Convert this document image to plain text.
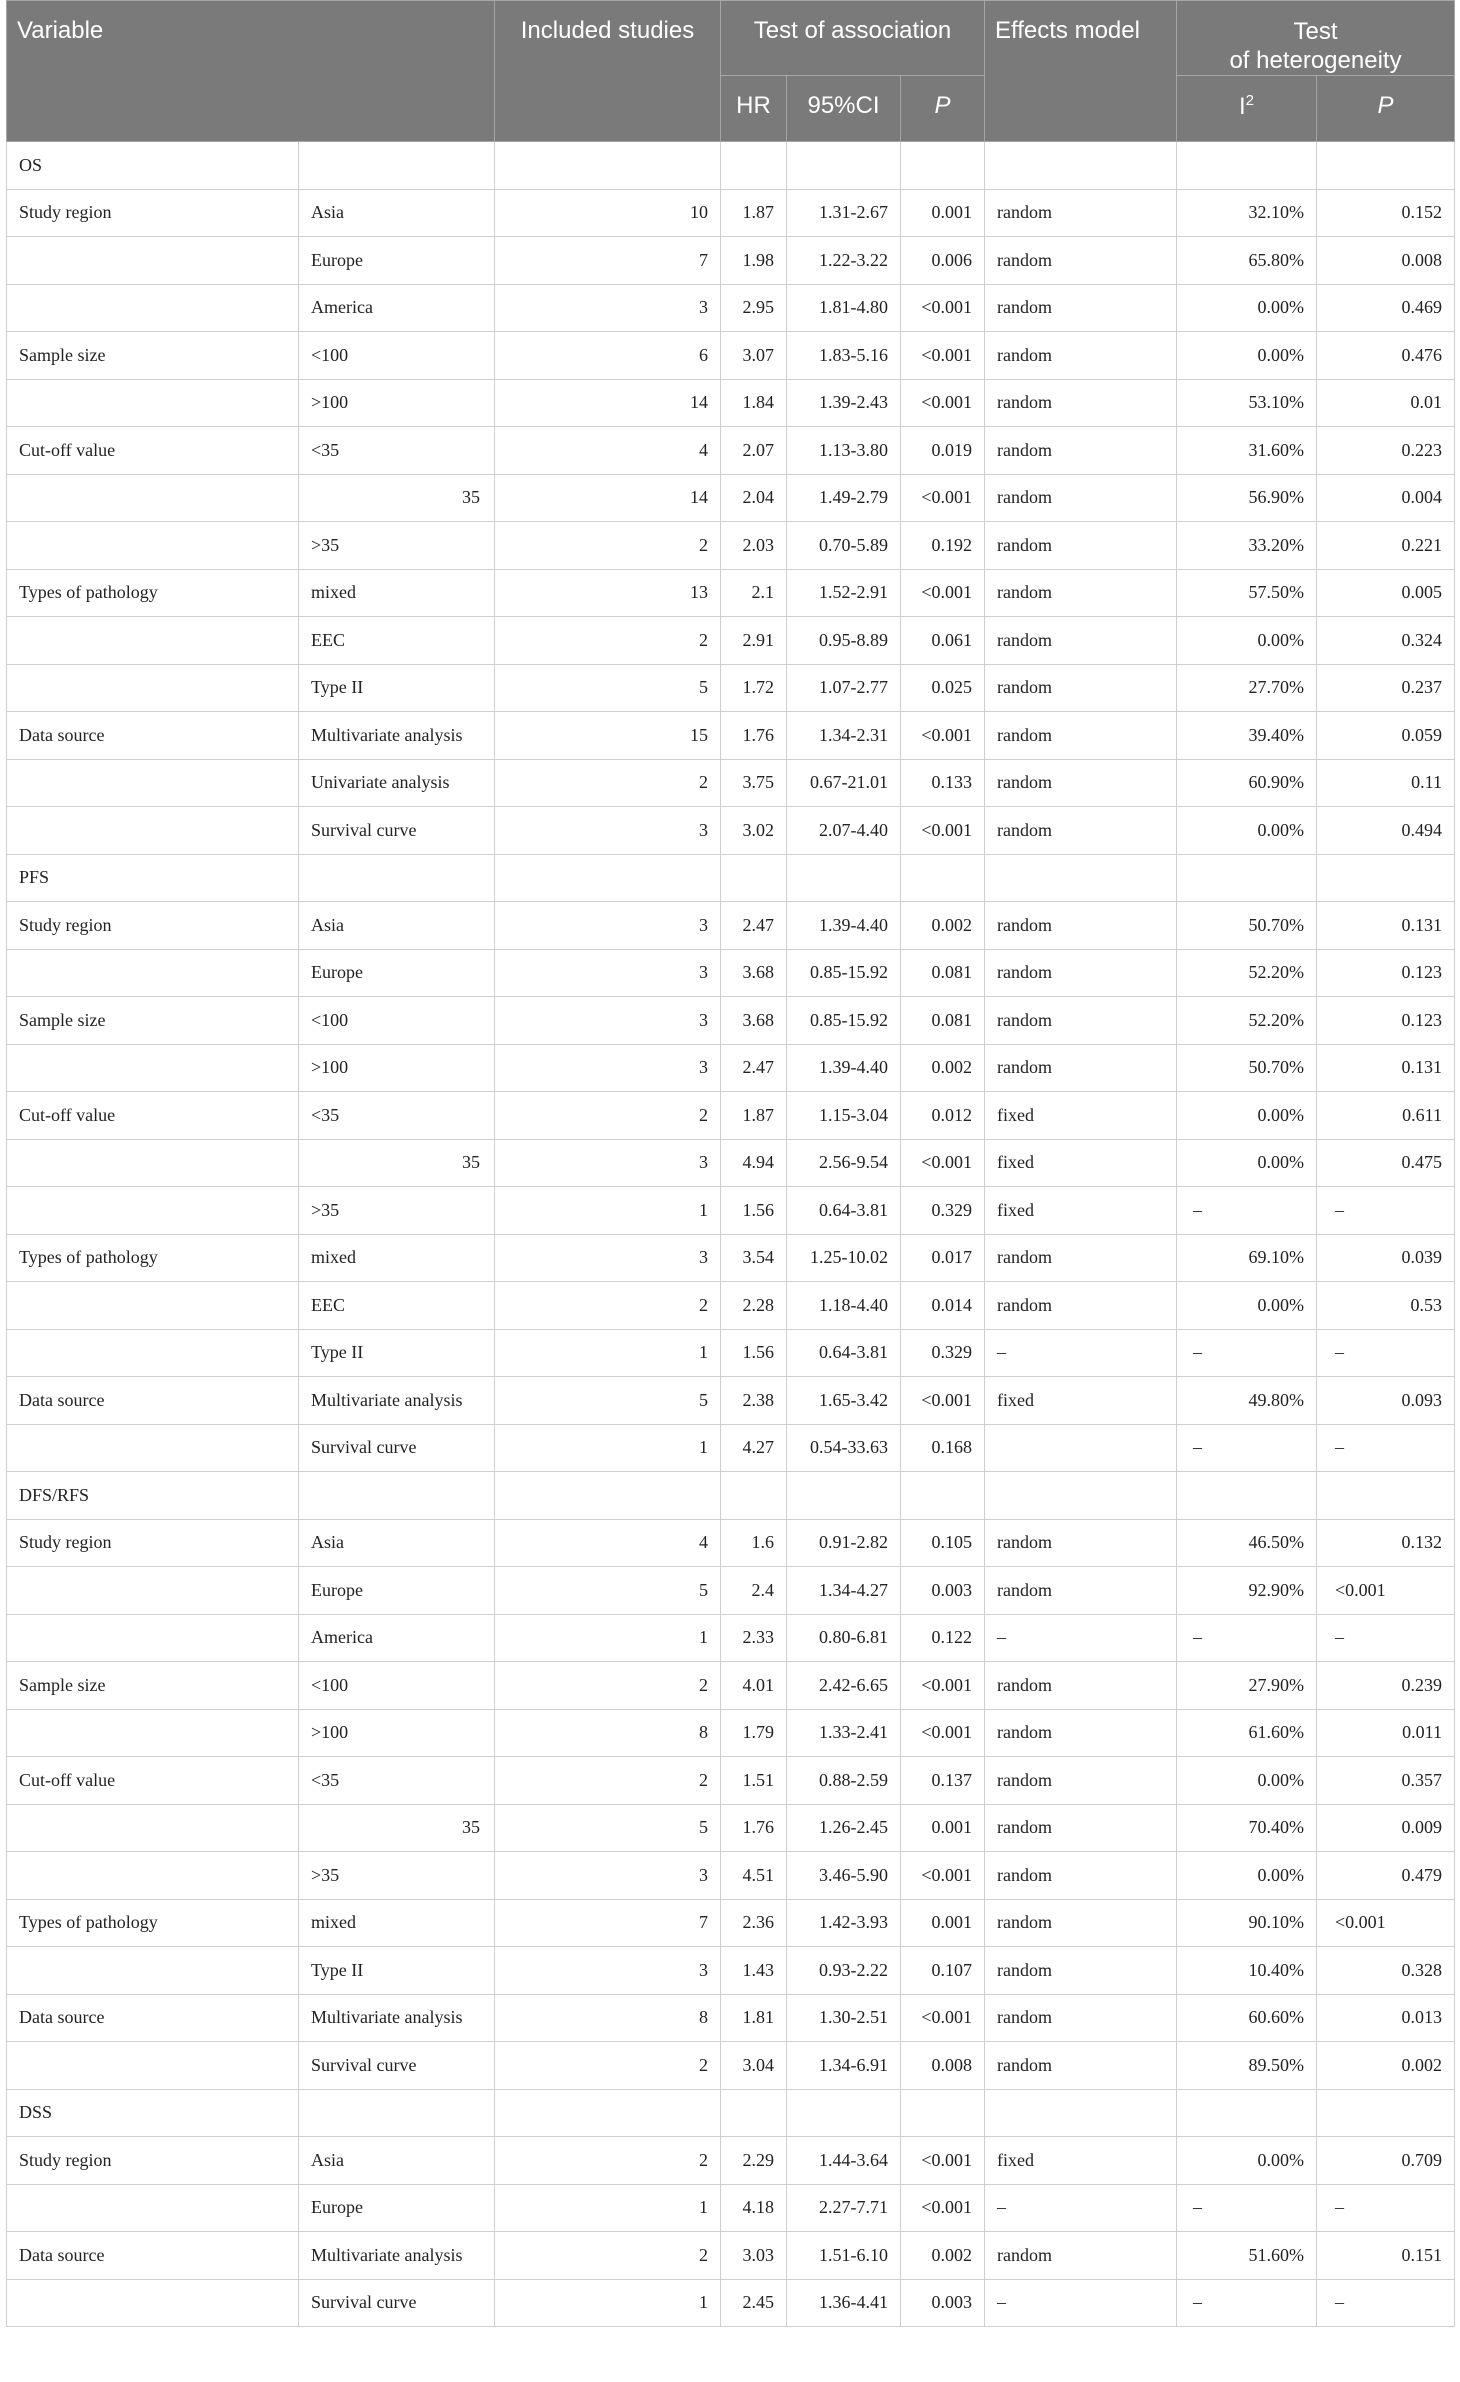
Variable		Included studies	Test of association			Effects model	Test
of heterogeneity	
			HR	95%CI	P		$I^2$	P
OS								
Study region	Asia	10	1.87	1.31-2.67	0.001	random	32.10%	0.152
	Europe	7	1.98	1.22-3.22	0.006	random	65.80%	0.008
	America	3	2.95	1.81-4.80	<0.001	random	0.00%	0.469
Sample size	<100	6	3.07	1.83-5.16	<0.001	random	0.00%	0.476
	>100	14	1.84	1.39-2.43	<0.001	random	53.10%	0.01
Cut-off value	<35	4	2.07	1.13-3.80	0.019	random	31.60%	0.223
	35	14	2.04	1.49-2.79	<0.001	random	56.90%	0.004
	>35	2	2.03	0.70-5.89	0.192	random	33.20%	0.221
Types of pathology	mixed	13	2.1	1.52-2.91	<0.001	random	57.50%	0.005
	EEC	2	2.91	0.95-8.89	0.061	random	0.00%	0.324
	Type II	5	1.72	1.07-2.77	0.025	random	27.70%	0.237
Data source	Multivariate analysis	15	1.76	1.34-2.31	<0.001	random	39.40%	0.059
	Univariate analysis	2	3.75	0.67-21.01	0.133	random	60.90%	0.11
	Survival curve	3	3.02	2.07-4.40	<0.001	random	0.00%	0.494
PFS								
Study region	Asia	3	2.47	1.39-4.40	0.002	random	50.70%	0.131
	Europe	3	3.68	0.85-15.92	0.081	random	52.20%	0.123
Sample size	<100	3	3.68	0.85-15.92	0.081	random	52.20%	0.123
	>100	3	2.47	1.39-4.40	0.002	random	50.70%	0.131
Cut-off value	<35	2	1.87	1.15-3.04	0.012	fixed	0.00%	0.611
	35	3	4.94	2.56-9.54	<0.001	fixed	0.00%	0.475
	>35	1	1.56	0.64-3.81	0.329	fixed	–	–
Types of pathology	mixed	3	3.54	1.25-10.02	0.017	random	69.10%	0.039
	EEC	2	2.28	1.18-4.40	0.014	random	0.00%	0.53
	Type II	1	1.56	0.64-3.81	0.329	–	–	–
Data source	Multivariate analysis	5	2.38	1.65-3.42	<0.001	fixed	49.80%	0.093
	Survival curve	1	4.27	0.54-33.63	0.168		–	–
DFS/RFS								
Study region	Asia	4	1.6	0.91-2.82	0.105	random	46.50%	0.132
	Europe	5	2.4	1.34-4.27	0.003	random	92.90%	<0.001
	America	1	2.33	0.80-6.81	0.122	–	–	–
Sample size	<100	2	4.01	2.42-6.65	<0.001	random	27.90%	0.239
	>100	8	1.79	1.33-2.41	<0.001	random	61.60%	0.011
Cut-off value	<35	2	1.51	0.88-2.59	0.137	random	0.00%	0.357
	35	5	1.76	1.26-2.45	0.001	random	70.40%	0.009
	>35	3	4.51	3.46-5.90	<0.001	random	0.00%	0.479
Types of pathology	mixed	7	2.36	1.42-3.93	0.001	random	90.10%	<0.001
	Type II	3	1.43	0.93-2.22	0.107	random	10.40%	0.328
Data source	Multivariate analysis	8	1.81	1.30-2.51	<0.001	random	60.60%	0.013
	Survival curve	2	3.04	1.34-6.91	0.008	random	89.50%	0.002
DSS								
Study region	Asia	2	2.29	1.44-3.64	<0.001	fixed	0.00%	0.709
	Europe	1	4.18	2.27-7.71	<0.001	–	–	–
Data source	Multivariate analysis	2	3.03	1.51-6.10	0.002	random	51.60%	0.151
	Survival curve	1	2.45	1.36-4.41	0.003	–	–	–
